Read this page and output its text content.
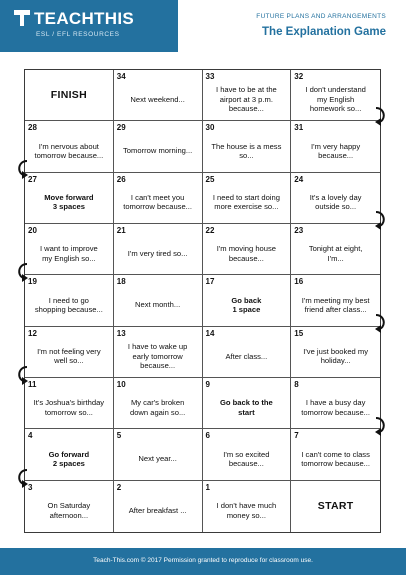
TEACHTHIS
ESL / EFL RESOURCES
FUTURE PLANS AND ARRANGEMENTS
The Explanation Game
FINISH
34
Next weekend...
33
I have to be at the
airport at 3 p.m.
because...
32
I don't understand
my English
homework so...
28
I'm nervous about
tomorrow because...
29
Tomorrow morning...
30
The house is a mess
so...
31
I'm very happy
because...
27
Move forward
3 spaces
26
I can't meet you
tomorrow because...
25
I need to start doing
more exercise so...
24
It's a lovely day
outside so...
20
I want to improve
my English so...
21
I'm very tired so...
22
I'm moving house
because...
23
Tonight at eight,
I'm...
19
I need to go
shopping because...
18
Next month...
17
Go back
1 space
16
I'm meeting my best
friend after class...
12
I'm not feeling very
well so...
13
I have to wake up
early tomorrow
because...
14
After class...
15
I've just booked my
holiday...
11
It's Joshua's birthday
tomorrow so...
10
My car's broken
down again so...
9
Go back to the
start
8
I have a busy day
tomorrow because...
4
Go forward
2 spaces
5
Next year...
6
I'm so excited
because...
7
I can't come to class
tomorrow because...
3
On Saturday
afternoon...
2
After breakfast ...
1
I don't have much
money so...
START
Teach-This.com © 2017 Permission granted to reproduce for classroom use.
